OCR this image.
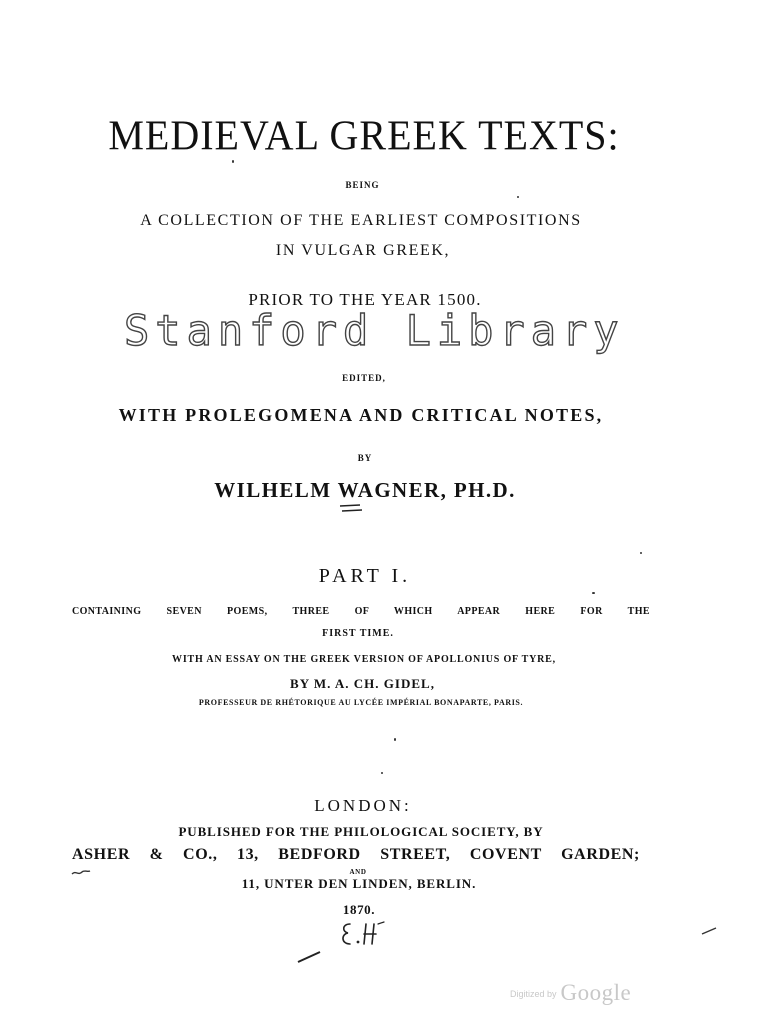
MEDIEVAL GREEK TEXTS:
BEING
A COLLECTION OF THE EARLIEST COMPOSITIONS
IN VULGAR GREEK,
PRIOR TO THE YEAR 1500.
Stanford Library
EDITED,
WITH PROLEGOMENA AND CRITICAL NOTES,
BY
WILHELM WAGNER, PH.D.
PART I.
CONTAINING SEVEN POEMS, THREE OF WHICH APPEAR HERE FOR THE
FIRST TIME.
WITH AN ESSAY ON THE GREEK VERSION OF APOLLONIUS OF TYRE,
BY M. A. CH. GIDEL,
PROFESSEUR DE RHÉTORIQUE AU LYCÉE IMPÉRIAL BONAPARTE, PARIS.
LONDON:
PUBLISHED FOR THE PHILOLOGICAL SOCIETY, BY
ASHER & CO., 13, BEDFORD STREET, COVENT GARDEN;
AND
11, UNTER DEN LINDEN, BERLIN.
1870.
Digitized by Google
